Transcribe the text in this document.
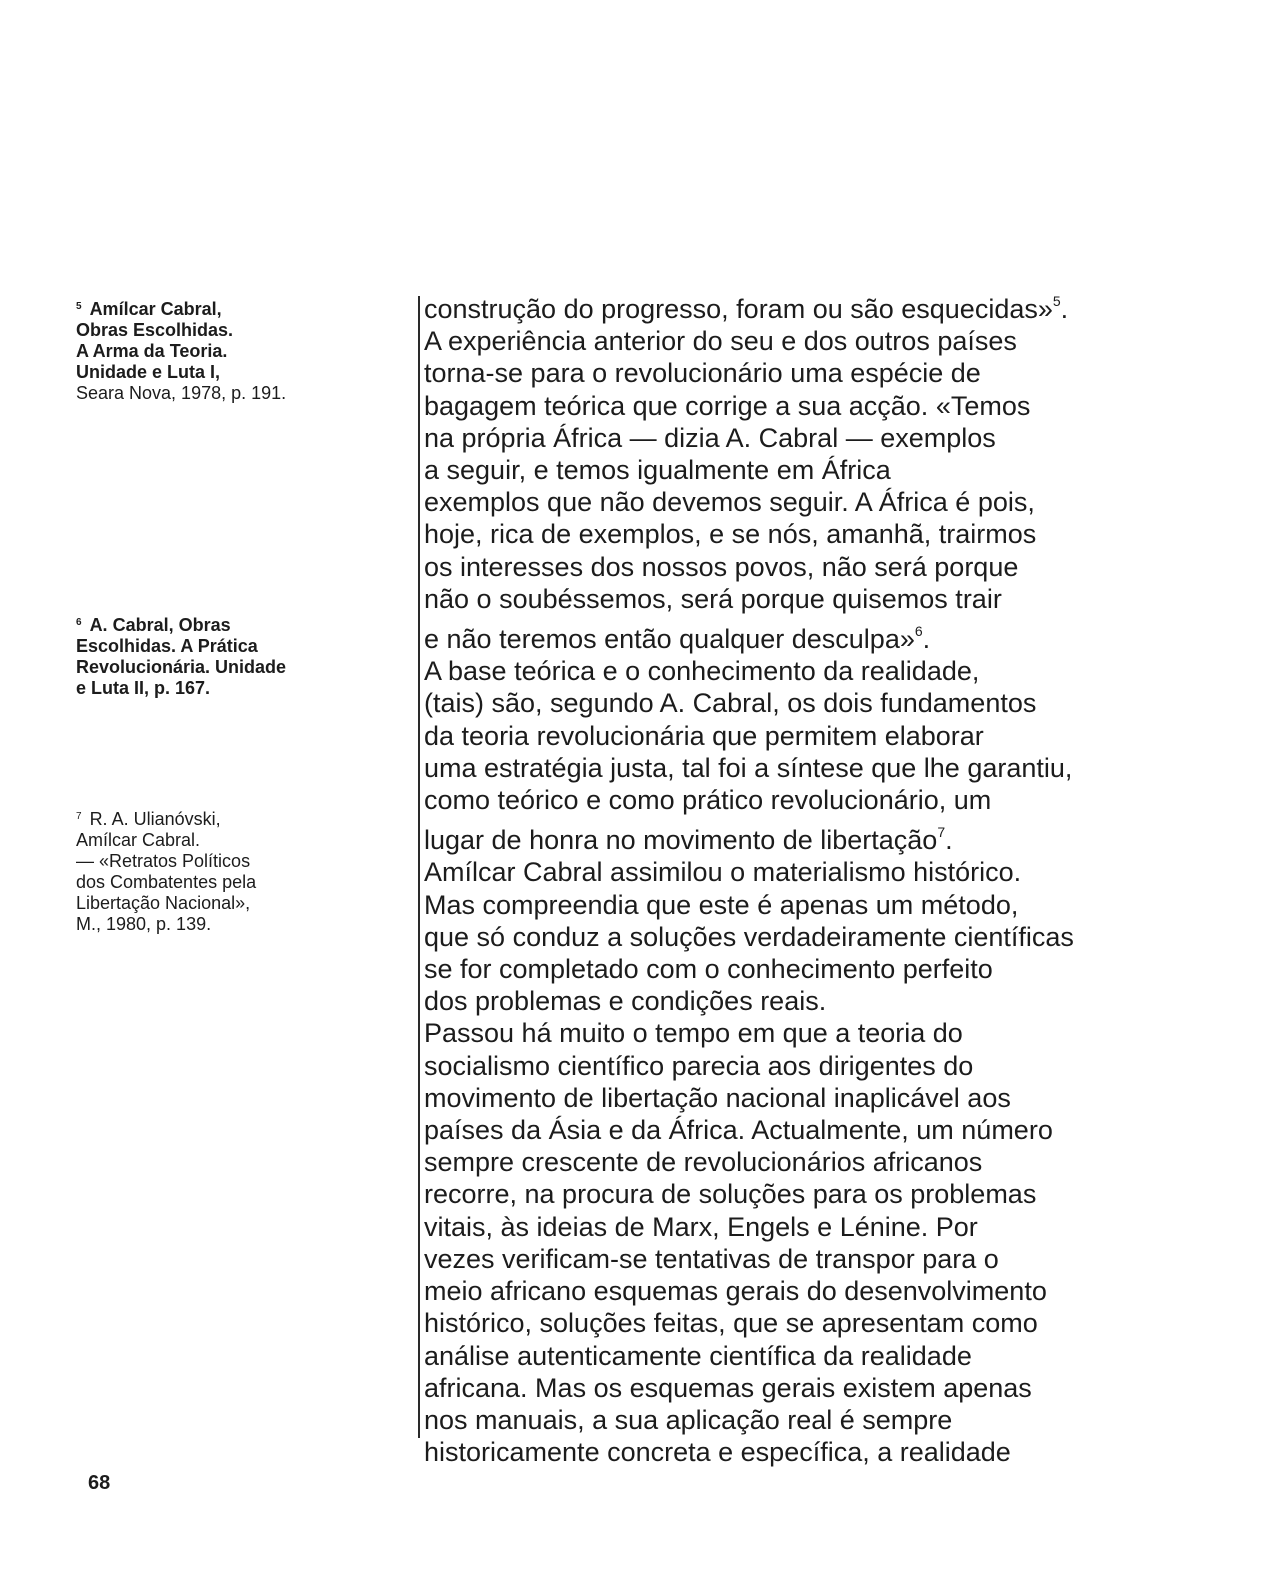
$^5$ Amílcar Cabral,
Obras Escolhidas.
A Arma da Teoria.
Unidade e Luta I,
Seara Nova, 1978, p. 191.
$^6$ A. Cabral, Obras
Escolhidas. A Prática
Revolucionária. Unidade
e Luta II, p. 167.
$^7$ R. A. Ulianóvski,
Amílcar Cabral.
— «Retratos Políticos
dos Combatentes pela
Libertação Nacional»,
M., 1980, p. 139.
construção do progresso, foram ou são esquecidas»$^5$.
A experiência anterior do seu e dos outros países
torna-se para o revolucionário uma espécie de
bagagem teórica que corrige a sua acção. «Temos
na própria África — dizia A. Cabral — exemplos
a seguir, e temos igualmente em África
exemplos que não devemos seguir. A África é pois,
hoje, rica de exemplos, e se nós, amanhã, trairmos
os interesses dos nossos povos, não será porque
não o soubéssemos, será porque quisemos trair
e não teremos então qualquer desculpa»$^6$.
A base teórica e o conhecimento da realidade,
(tais) são, segundo A. Cabral, os dois fundamentos
da teoria revolucionária que permitem elaborar
uma estratégia justa, tal foi a síntese que lhe garantiu,
como teórico e como prático revolucionário, um
lugar de honra no movimento de libertação$^7$.
Amílcar Cabral assimilou o materialismo histórico.
Mas compreendia que este é apenas um método,
que só conduz a soluções verdadeiramente científicas
se for completado com o conhecimento perfeito
dos problemas e condições reais.
Passou há muito o tempo em que a teoria do
socialismo científico parecia aos dirigentes do
movimento de libertação nacional inaplicável aos
países da Ásia e da África. Actualmente, um número
sempre crescente de revolucionários africanos
recorre, na procura de soluções para os problemas
vitais, às ideias de Marx, Engels e Lénine. Por
vezes verificam-se tentativas de transpor para o
meio africano esquemas gerais do desenvolvimento
histórico, soluções feitas, que se apresentam como
análise autenticamente científica da realidade
africana. Mas os esquemas gerais existem apenas
nos manuais, a sua aplicação real é sempre
historicamente concreta e específica, a realidade
68
